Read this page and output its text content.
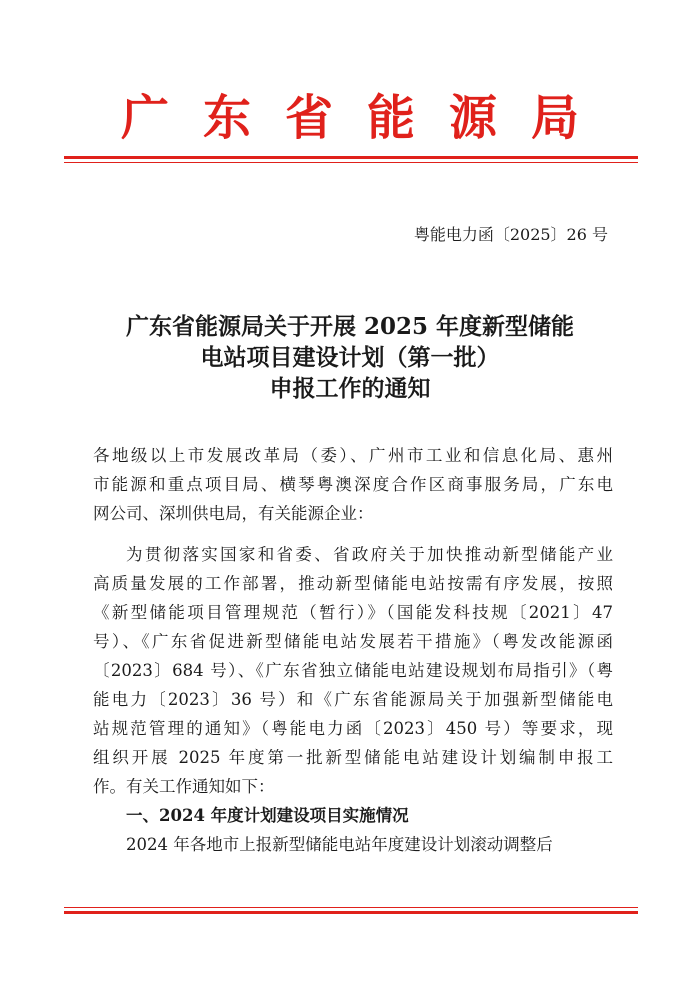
广东省能源局
粤能电力函〔2025〕26 号
广东省能源局关于开展 2025 年度新型储能
电站项目建设计划（第一批）
申报工作的通知
各地级以上市发展改革局（委）、广州市工业和信息化局、惠州
市能源和重点项目局、横琴粤澳深度合作区商事服务局，广东电
网公司、深圳供电局，有关能源企业：
为贯彻落实国家和省委、省政府关于加快推动新型储能产业
高质量发展的工作部署，推动新型储能电站按需有序发展，按照
《新型储能项目管理规范（暂行）》（国能发科技规〔2021〕47
号）、《广东省促进新型储能电站发展若干措施》（粤发改能源函
〔2023〕684 号）、《广东省独立储能电站建设规划布局指引》（粤
能电力〔2023〕36 号）和《广东省能源局关于加强新型储能电
站规范管理的通知》（粤能电力函〔2023〕450 号）等要求，现
组织开展 2025 年度第一批新型储能电站建设计划编制申报工
作。有关工作通知如下：
一、2024 年度计划建设项目实施情况
2024 年各地市上报新型储能电站年度建设计划滚动调整后
